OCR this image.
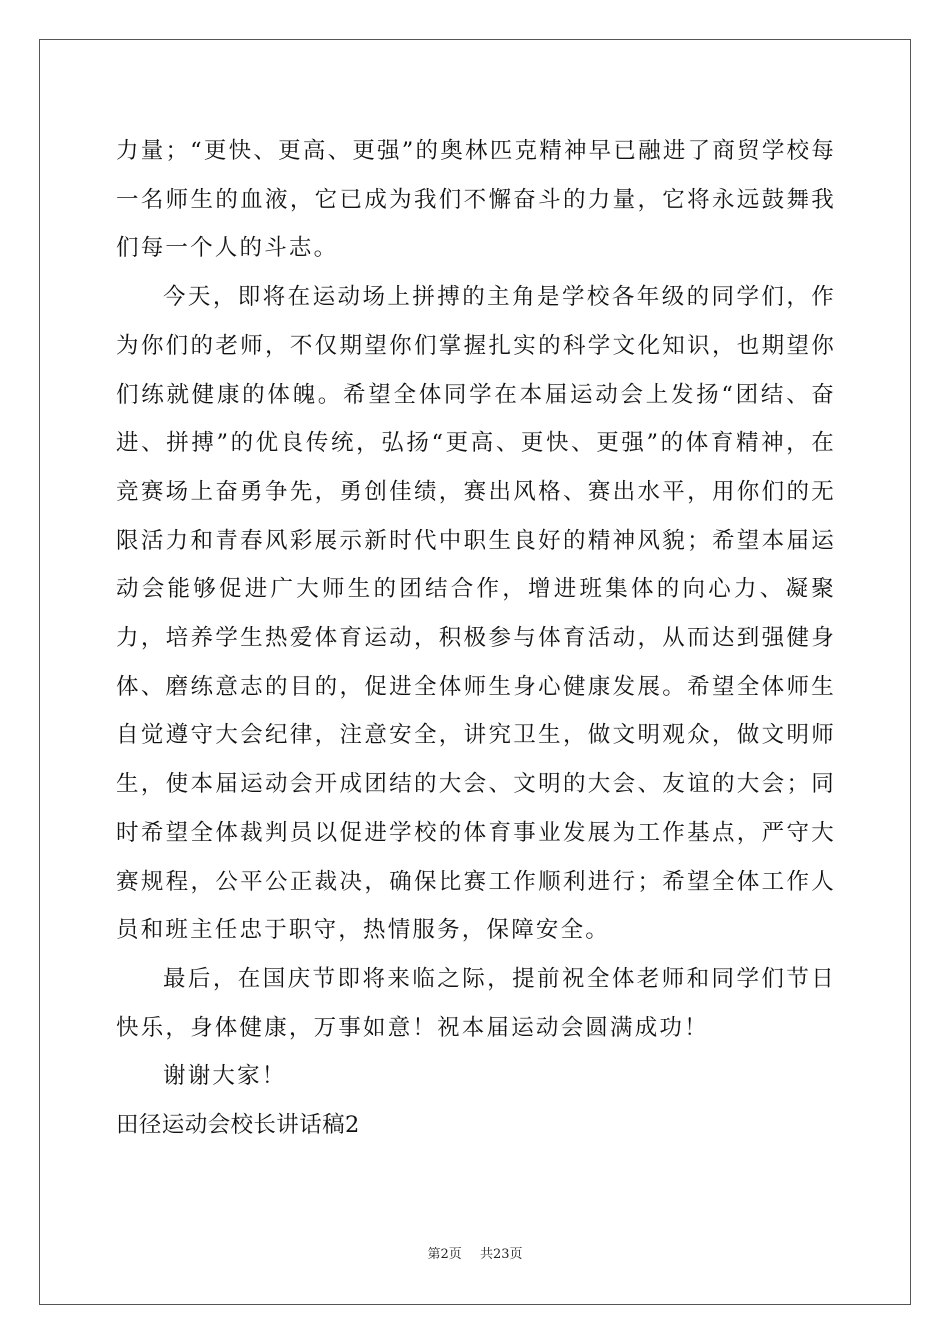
力量；“更快、更高、更强”的奥林匹克精神早已融进了商贸学校每一名师生的血液，它已成为我们不懈奋斗的力量，它将永远鼓舞我们每一个人的斗志。

今天，即将在运动场上拼搏的主角是学校各年级的同学们，作为你们的老师，不仅期望你们掌握扎实的科学文化知识，也期望你们练就健康的体魄。希望全体同学在本届运动会上发扬“团结、奋进、拼搏”的优良传统，弘扬“更高、更快、更强”的体育精神，在竞赛场上奋勇争先，勇创佳绩，赛出风格、赛出水平，用你们的无限活力和青春风彩展示新时代中职生良好的精神风貌；希望本届运动会能够促进广大师生的团结合作，增进班集体的向心力、凝聚力，培养学生热爱体育运动，积极参与体育活动，从而达到强健身体、磨练意志的目的，促进全体师生身心健康发展。希望全体师生自觉遵守大会纪律，注意安全，讲究卫生，做文明观众，做文明师生，使本届运动会开成团结的大会、文明的大会、友谊的大会；同时希望全体裁判员以促进学校的体育事业发展为工作基点，严守大赛规程，公平公正裁决，确保比赛工作顺利进行；希望全体工作人员和班主任忠于职守，热情服务，保障安全。

最后，在国庆节即将来临之际，提前祝全体老师和同学们节日快乐，身体健康，万事如意！祝本届运动会圆满成功！

谢谢大家！

田径运动会校长讲话稿2

第2页 共23页
